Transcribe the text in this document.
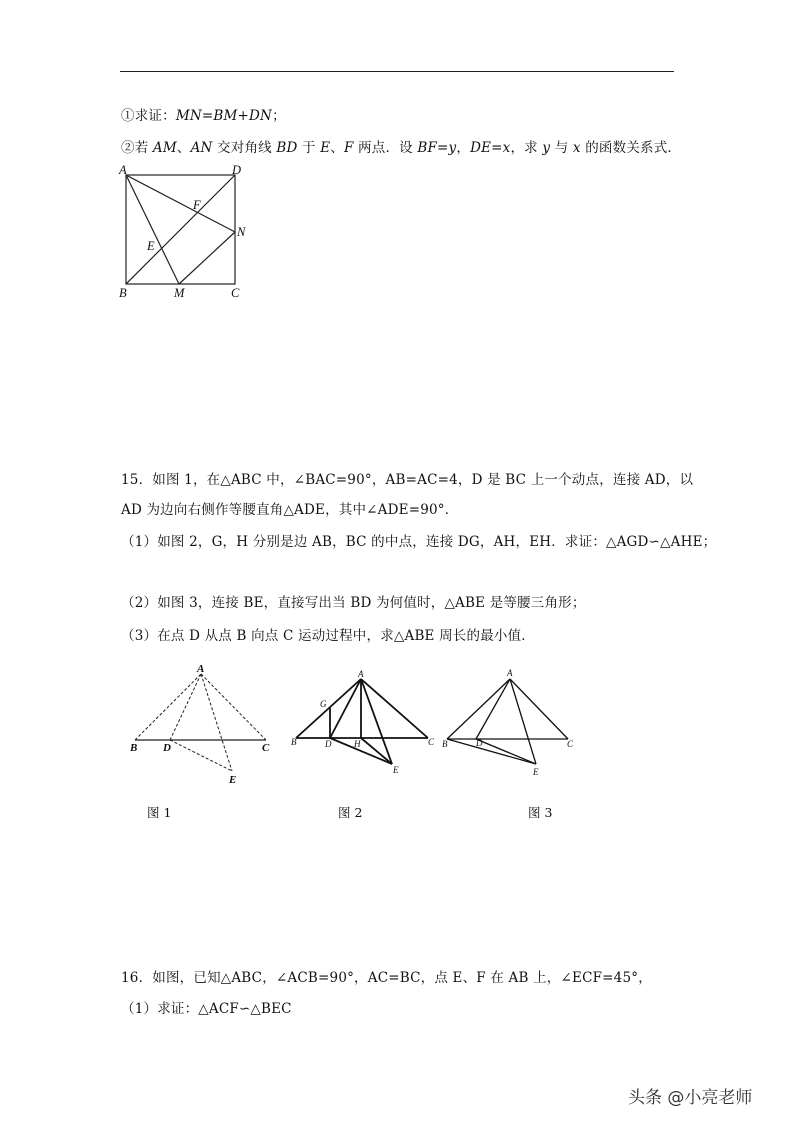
①求证：MN=BM+DN；
②若 AM、AN 交对角线 BD 于 E、F 两点．设 BF=y，DE=x，求 y 与 x 的函数关系式．
A	D
B	M	C
N
E
F
15．如图 1，在△ABC 中，∠BAC=90°，AB=AC=4，D 是 BC 上一个动点，连接 AD，以
AD 为边向右侧作等腰直角△ADE，其中∠ADE=90°．
（1）如图 2，G，H 分别是边 AB，BC 的中点，连接 DG，AH，EH．求证：△AGD∽△AHE；
（2）如图 3，连接 BE，直接写出当 BD 为何值时，△ABE 是等腰三角形；
（3）在点 D 从点 B 向点 C 运动过程中，求△ABE 周长的最小值．
A
B D	C
E
A
G
B	D	H	C
E
A
B	D	C
E
图 1	图 2	图 3
16．如图，已知△ABC，∠ACB=90°，AC=BC，点 E、F 在 AB 上，∠ECF=45°，
（1）求证：△ACF∽△BEC
头条 @小亮老师
